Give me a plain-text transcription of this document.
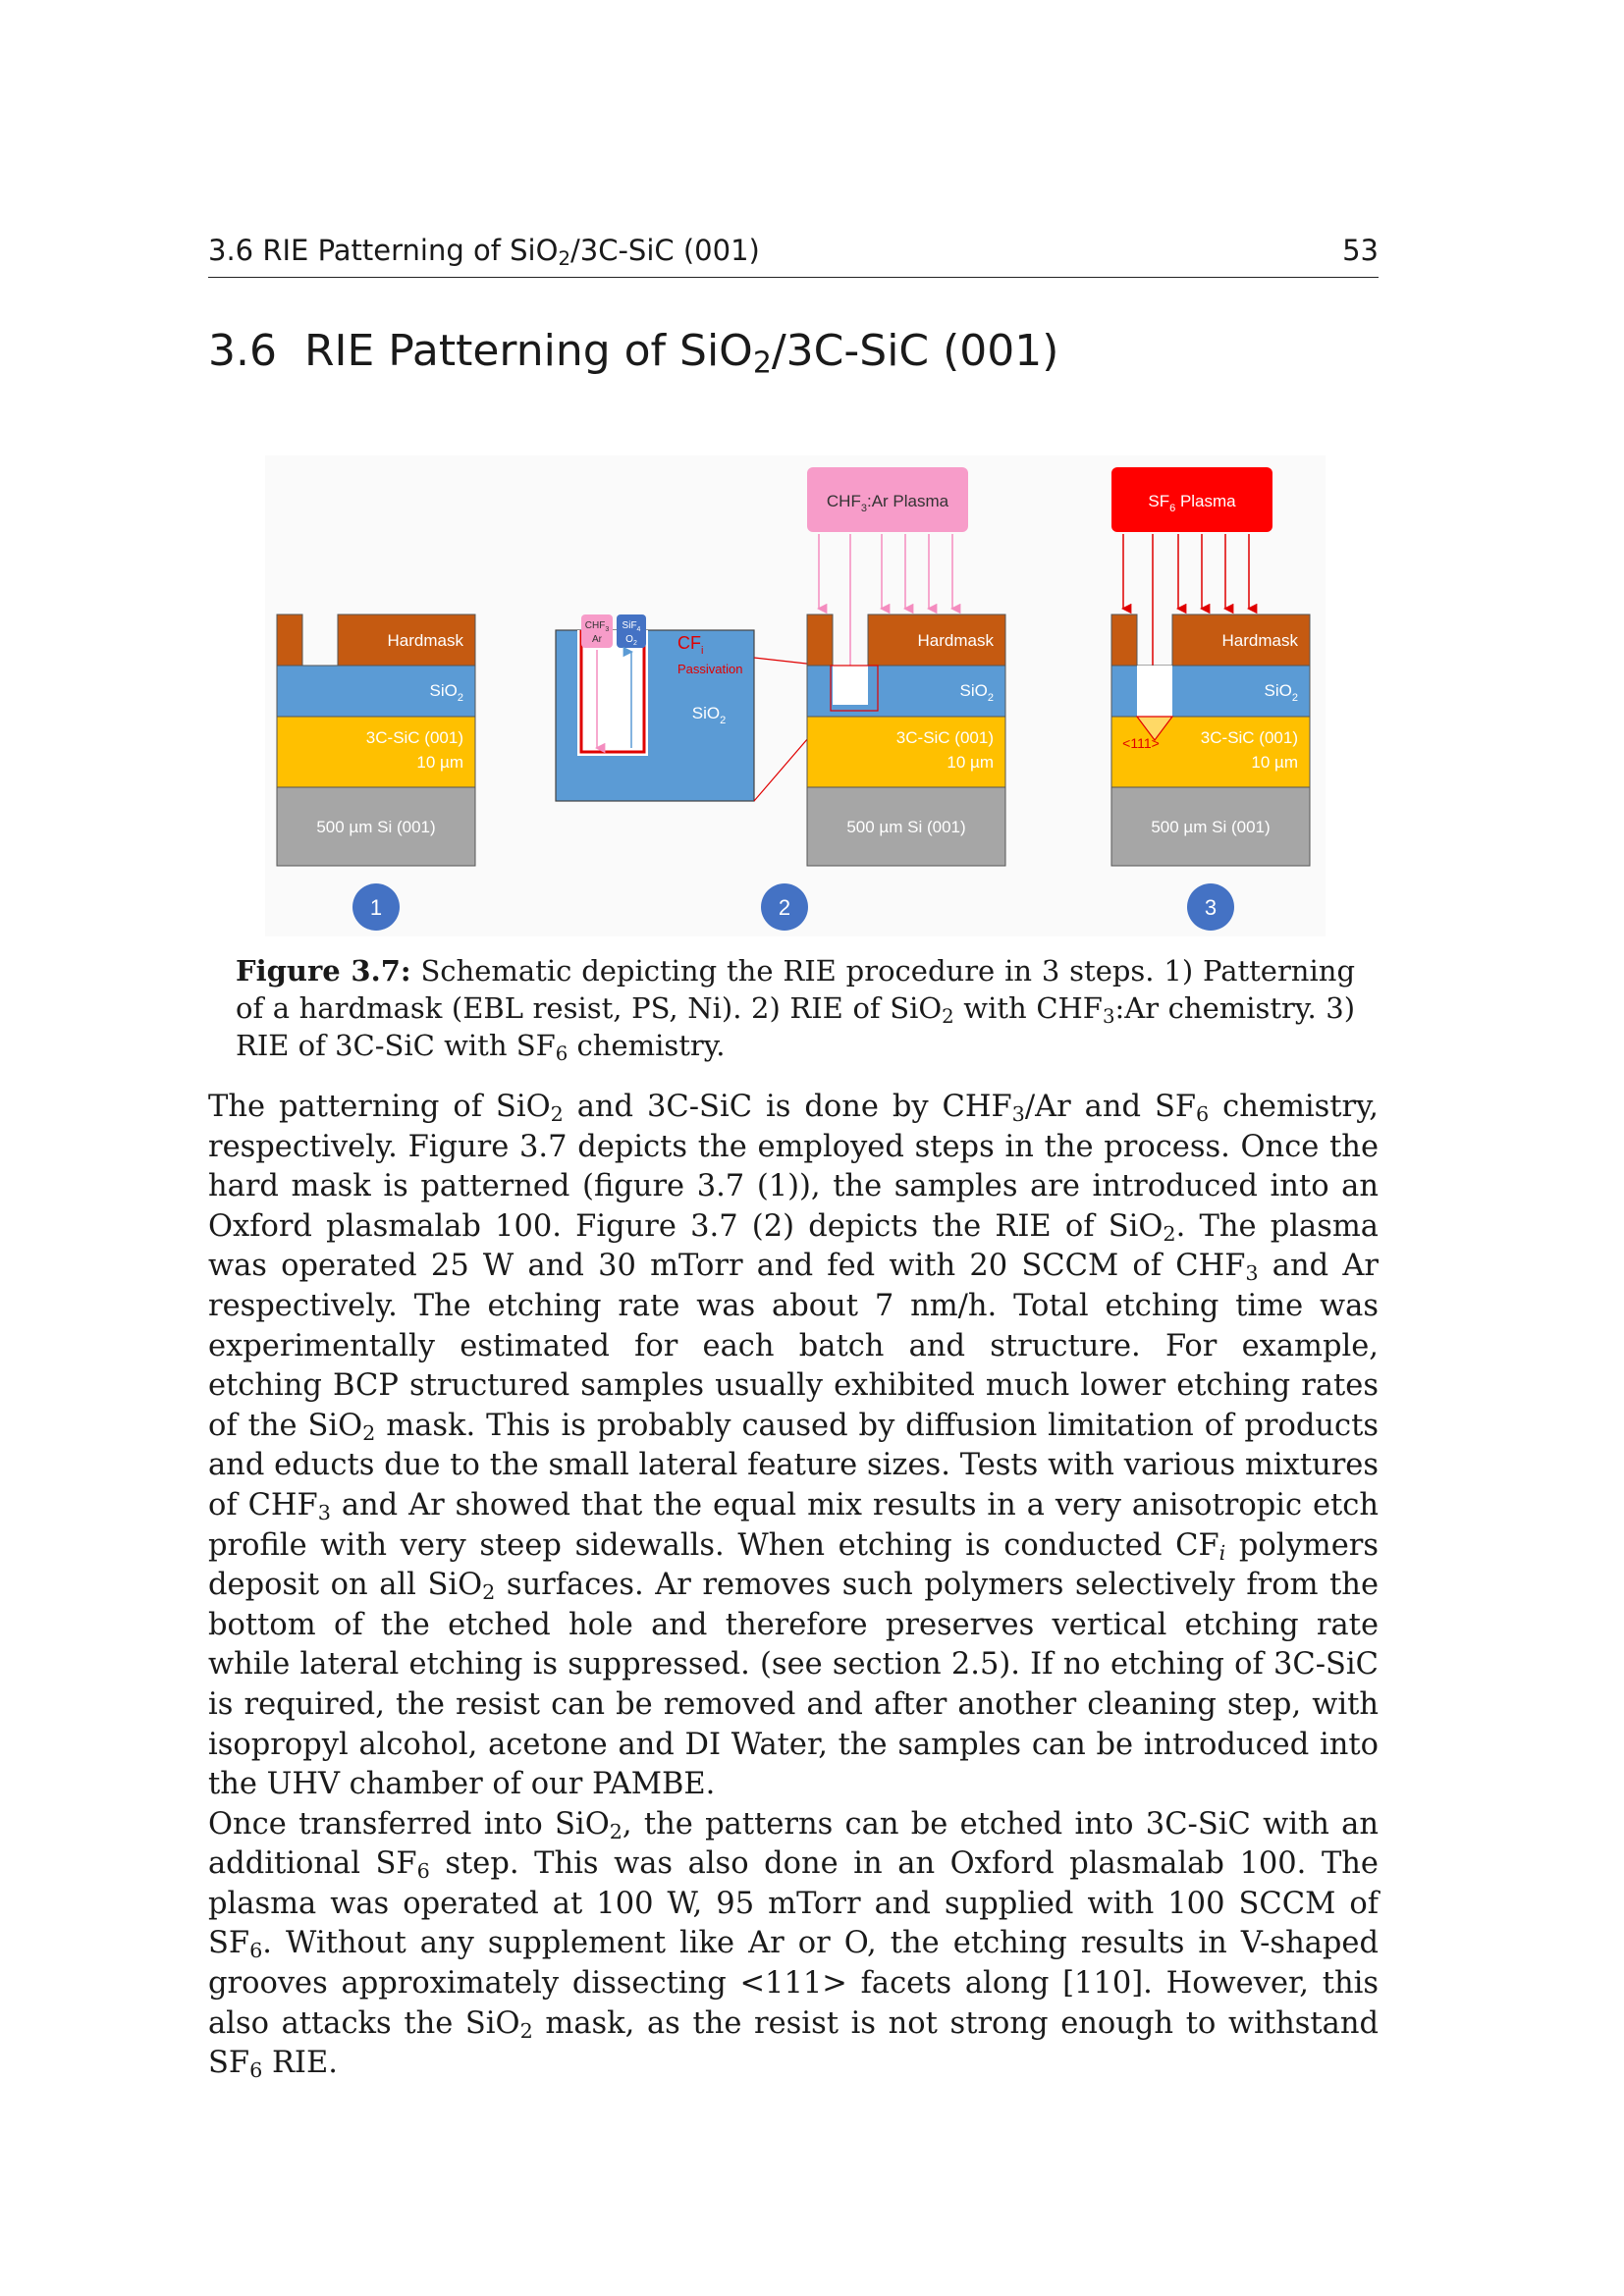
3.6 RIE Patterning of SiO$_2$/3C-SiC (001)	53
3.6 RIE Patterning of SiO$_2$/3C-SiC (001)
Hardmask
SiO$_2$
3C-SiC (001)
10 µm
500 µm Si (001)
1
$CHF_3$
Ar
SiF$_4$
$O_2$ $CF_i$
Passivation
SiO$_2$
$CHF_3:Ar$ Plasma
Hardmask
SiO$_2$
3C-SiC (001)
10 µm
500 µm Si (001)
2
$SF_6$ Plasma
Hardmask
SiO$_2$
<111> 3C-SiC (001)
10 µm
500 µm Si (001)
3
Figure 3.7: Schematic depicting the RIE procedure in 3 steps. 1) Patterning of a hardmask (EBL resist, PS, Ni). 2) RIE of SiO$_2$ with $CHF_3:Ar$ chemistry. 3) RIE of 3C-SiC with $SF_6$ chemistry.

The patterning of SiO$_2$ and 3C-SiC is done by $CHF_3/Ar$ and $SF_6$ chemistry, respectively. Figure 3.7 depicts the employed steps in the process. Once the hard mask is patterned (figure 3.7 (1)), the samples are introduced into an Oxford plasmalab 100. Figure 3.7 (2) depicts the RIE of SiO$_2$. The plasma was operated 25 W and 30 mTorr and fed with 20 SCCM of $CHF_3$ and Ar respectively. The etching rate was about 7 nm/h. Total etching time was experimentally estimated for each batch and structure. For example, etching BCP structured samples usually exhibited much lower etching rates of the SiO$_2$ mask. This is probably caused by diffusion limitation of products and educts due to the small lateral feature sizes. Tests with various mixtures of $CHF_3$ and Ar showed that the equal mix results in a very anisotropic etch profile with very steep sidewalls. When etching is conducted $CF_i$ polymers deposit on all SiO$_2$ surfaces. Ar removes such polymers selectively from the bottom of the etched hole and therefore preserves vertical etching rate while lateral etching is suppressed. (see section 2.5). If no etching of 3C-SiC is required, the resist can be removed and after another cleaning step, with isopropyl alcohol, acetone and DI Water, the samples can be introduced into the UHV chamber of our PAMBE.

Once transferred into SiO$_2$, the patterns can be etched into 3C-SiC with an additional $SF_6$ step. This was also done in an Oxford plasmalab 100. The plasma was operated at 100 W, 95 mTorr and supplied with 100 SCCM of $SF_6$. Without any supplement like Ar or O, the etching results in V-shaped grooves approximately dissecting <111> facets along [110]. However, this also attacks the SiO$_2$ mask, as the resist is not strong enough to withstand $SF_6$ RIE.
